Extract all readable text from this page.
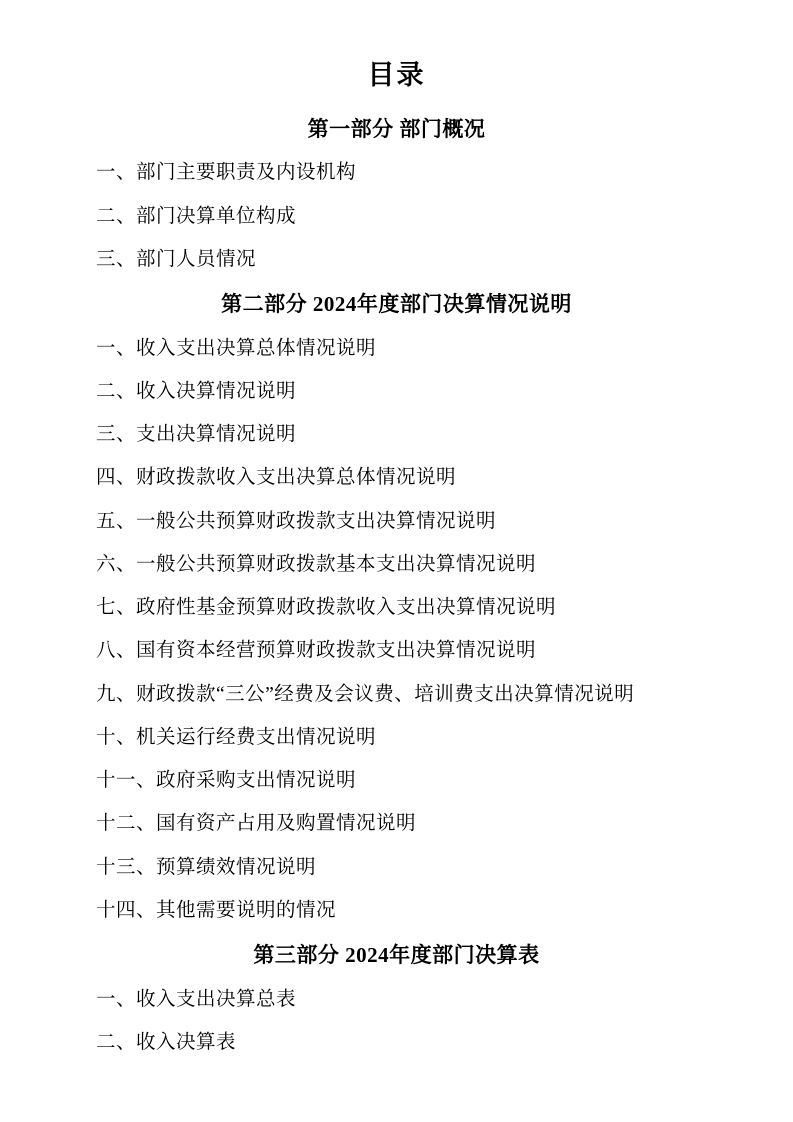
目录
第一部分 部门概况
一、部门主要职责及内设机构
二、部门决算单位构成
三、部门人员情况
第二部分 2024年度部门决算情况说明
一、收入支出决算总体情况说明
二、收入决算情况说明
三、支出决算情况说明
四、财政拨款收入支出决算总体情况说明
五、一般公共预算财政拨款支出决算情况说明
六、一般公共预算财政拨款基本支出决算情况说明
七、政府性基金预算财政拨款收入支出决算情况说明
八、国有资本经营预算财政拨款支出决算情况说明
九、财政拨款“三公”经费及会议费、培训费支出决算情况说明
十、机关运行经费支出情况说明
十一、政府采购支出情况说明
十二、国有资产占用及购置情况说明
十三、预算绩效情况说明
十四、其他需要说明的情况
第三部分 2024年度部门决算表
一、收入支出决算总表
二、收入决算表
